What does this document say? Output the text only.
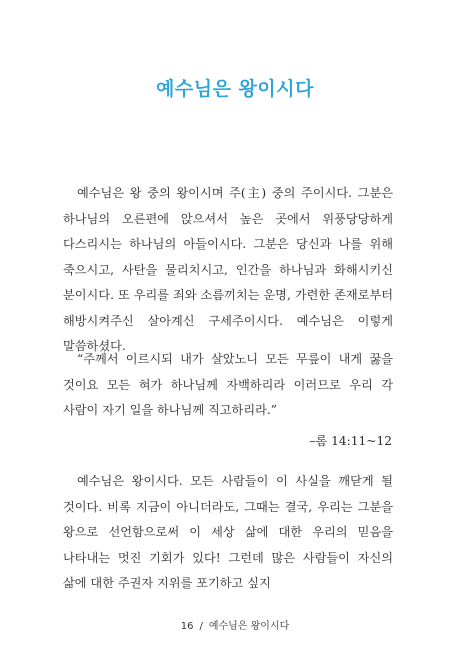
예수님은 왕이시다
예수님은 왕 중의 왕이시며 주(主) 중의 주이시다. 그분은 하나님의 오른편에 앉으셔서 높은 곳에서 위풍당당하게 다스리시는 하나님의 아들이시다. 그분은 당신과 나를 위해 죽으시고, 사탄을 물리치시고, 인간을 하나님과 화해시키신 분이시다. 또 우리를 죄와 소름끼치는 운명, 가련한 존재로부터 해방시켜주신 살아계신 구세주이시다. 예수님은 이렇게 말씀하셨다.
“주께서 이르시되 내가 살았노니 모든 무릎이 내게 꿇을 것이요 모든 혀가 하나님께 자백하리라 이러므로 우리 각 사람이 자기 일을 하나님께 직고하리라.”
–롬 14:11~12
예수님은 왕이시다. 모든 사람들이 이 사실을 깨닫게 될 것이다. 비록 지금이 아니더라도, 그때는 결국, 우리는 그분을 왕으로 선언함으로써 이 세상 삶에 대한 우리의 믿음을 나타내는 멋진 기회가 있다! 그런데 많은 사람들이 자신의 삶에 대한 주권자 지위를 포기하고 싶지
16 / 예수님은 왕이시다
